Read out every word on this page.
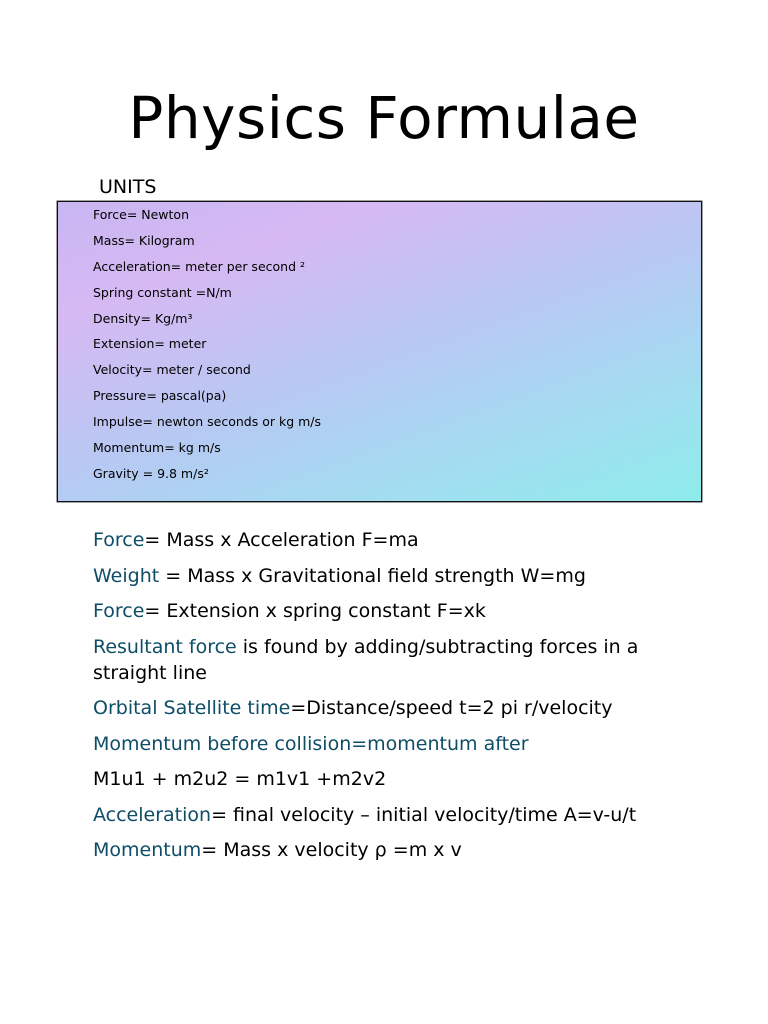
Physics Formulae
UNITS
Force= Newton
Mass= Kilogram
Acceleration= meter per second ²
Spring constant =N/m
Density= Kg/m³
Extension= meter
Velocity= meter / second
Pressure= pascal(pa)
Impulse= newton seconds or kg m/s
Momentum= kg m/s
Gravity = 9.8 m/s²
Force= Mass x Acceleration F=ma
Weight = Mass x Gravitational field strength W=mg
Force= Extension x spring constant F=xk
Resultant force is found by adding/subtracting forces in a straight line
Orbital Satellite time=Distance/speed t=2 pi r/velocity
Momentum before collision=momentum after
M1u1 + m2u2 = m1v1 +m2v2
Acceleration= final velocity – initial velocity/time A=v-u/t
Momentum= Mass x velocity ρ =m x v
